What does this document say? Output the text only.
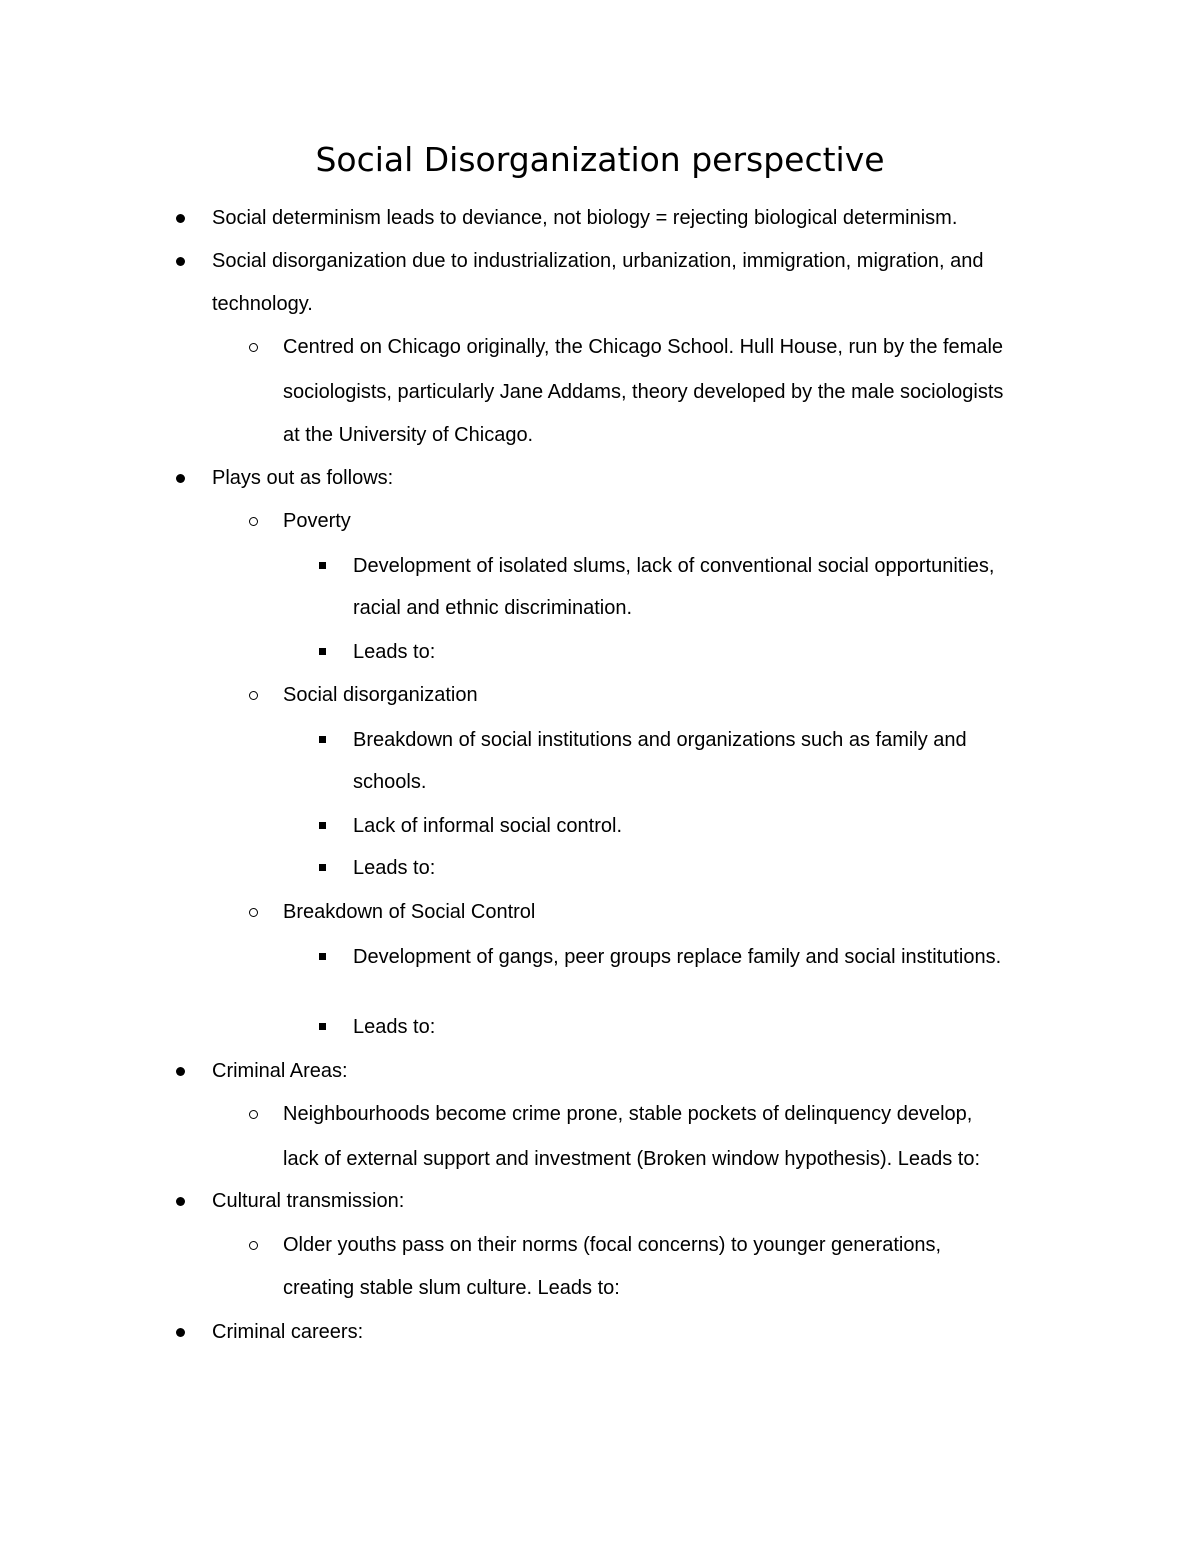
Social Disorganization perspective
Social determinism leads to deviance, not biology = rejecting biological determinism.
Social disorganization due to industrialization, urbanization, immigration, migration, and
technology.
Centred on Chicago originally, the Chicago School. Hull House, run by the female
sociologists, particularly Jane Addams, theory developed by the male sociologists
at the University of Chicago.
Plays out as follows:
Poverty
Development of isolated slums, lack of conventional social opportunities,
racial and ethnic discrimination.
Leads to:
Social disorganization
Breakdown of social institutions and organizations such as family and
schools.
Lack of informal social control.
Leads to:
Breakdown of Social Control
Development of gangs, peer groups replace family and social institutions.
Leads to:
Criminal Areas:
Neighbourhoods become crime prone, stable pockets of delinquency develop,
lack of external support and investment (Broken window hypothesis). Leads to:
Cultural transmission:
Older youths pass on their norms (focal concerns) to younger generations,
creating stable slum culture. Leads to:
Criminal careers:
